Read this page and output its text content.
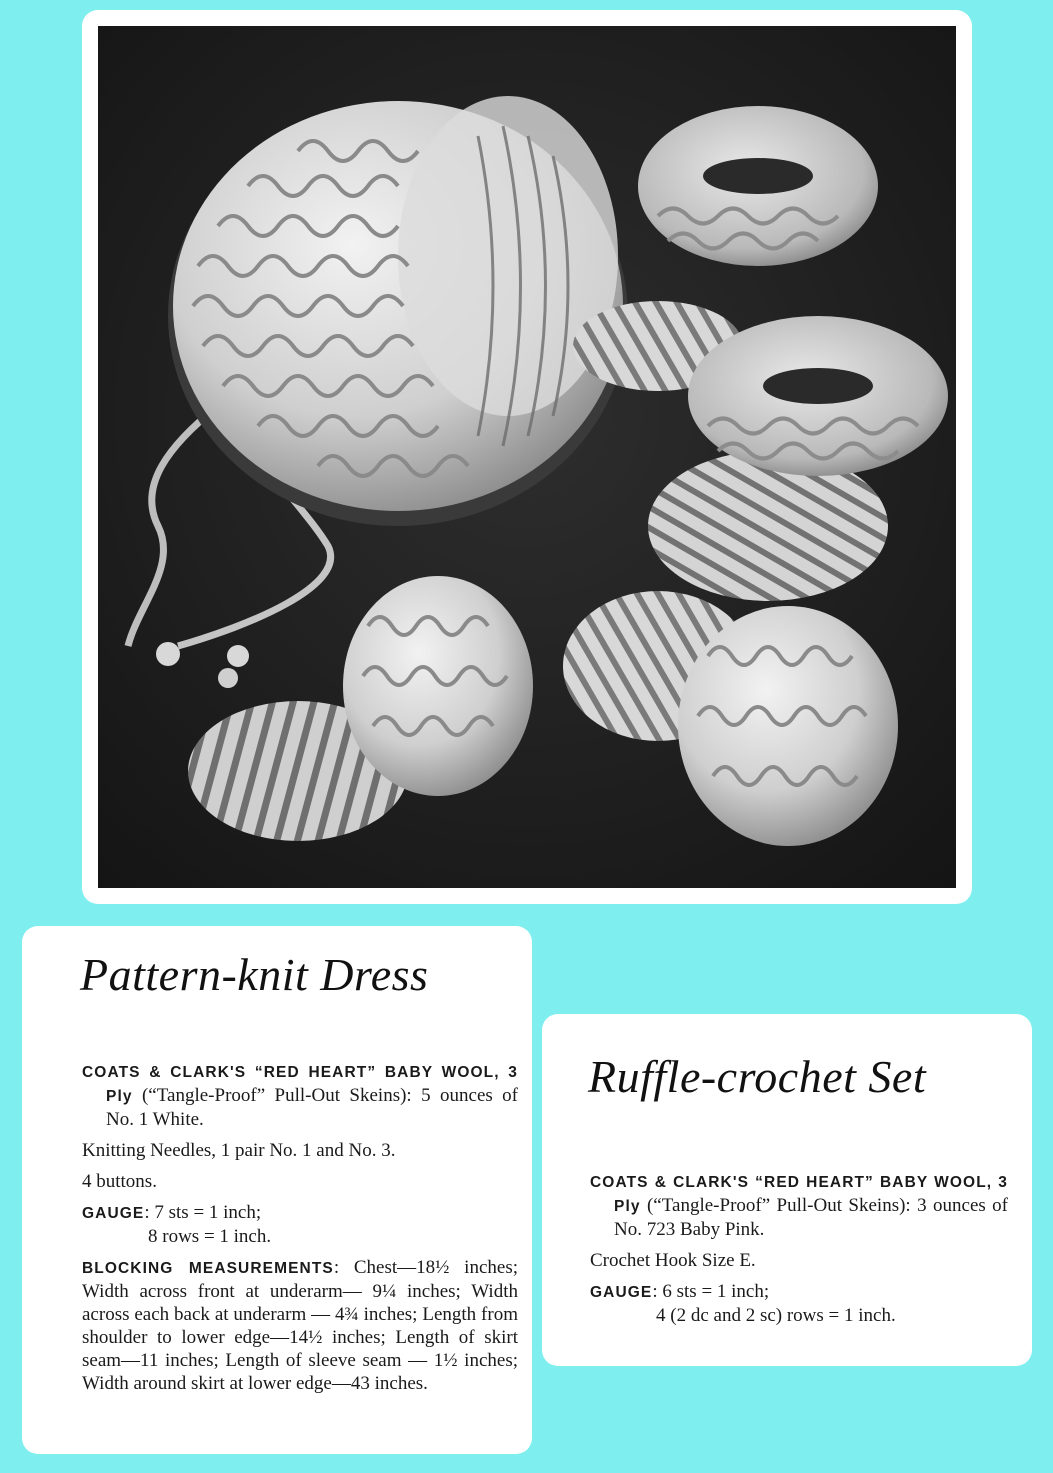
Pattern-knit Dress

COATS & CLARK'S “RED HEART” BABY WOOL, 3 Ply (“Tangle-Proof” Pull-Out Skeins): 5 ounces of No. 1 White.

Knitting Needles, 1 pair No. 1 and No. 3.

4 buttons.

GAUGE: 7 sts = 1 inch;
8 rows = 1 inch.

BLOCKING MEASUREMENTS: Chest—18½ inches; Width across front at underarm— 9¼ inches; Width across each back at underarm — 4¾ inches; Length from shoulder to lower edge—14½ inches; Length of skirt seam—11 inches; Length of sleeve seam — 1½ inches; Width around skirt at lower edge—43 inches.

Ruffle-crochet Set

COATS & CLARK'S “RED HEART” BABY WOOL, 3 Ply (“Tangle-Proof” Pull-Out Skeins): 3 ounces of No. 723 Baby Pink.

Crochet Hook Size E.

GAUGE: 6 sts = 1 inch;
4 (2 dc and 2 sc) rows = 1 inch.
